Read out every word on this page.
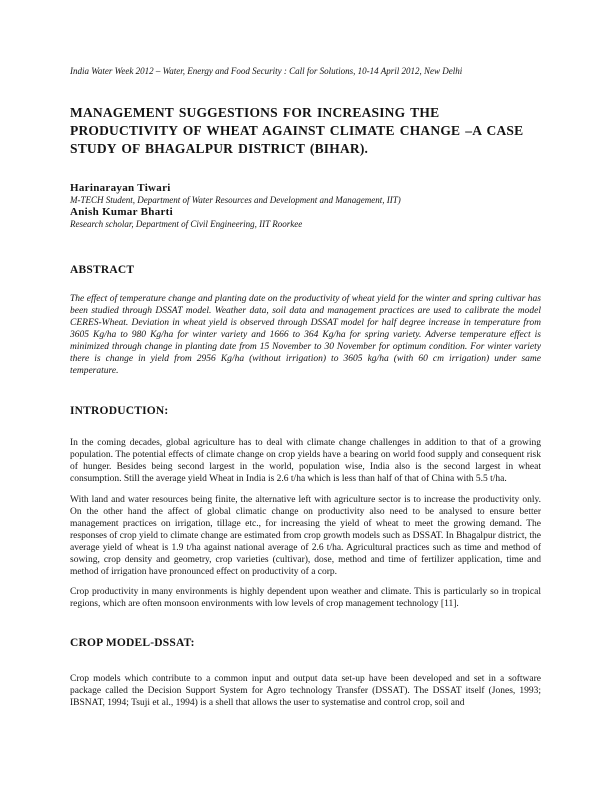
India Water Week 2012 – Water, Energy and Food Security : Call for Solutions, 10-14 April 2012, New Delhi
MANAGEMENT SUGGESTIONS FOR INCREASING THE PRODUCTIVITY OF WHEAT AGAINST CLIMATE CHANGE –A CASE STUDY OF BHAGALPUR DISTRICT (BIHAR).
Harinarayan Tiwari
M-TECH Student, Department of Water Resources and Development and Management, IIT)
Anish Kumar Bharti
Research scholar, Department of Civil Engineering, IIT Roorkee
ABSTRACT

The effect of temperature change and planting date on the productivity of wheat yield for the winter and spring cultivar has been studied through DSSAT model. Weather data, soil data and management practices are used to calibrate the model CERES-Wheat. Deviation in wheat yield is observed through DSSAT model for half degree increase in temperature from 3605 Kg/ha to 980 Kg/ha for winter variety and 1666 to 364 Kg/ha for spring variety. Adverse temperature effect is minimized through change in planting date from 15 November to 30 November for optimum condition. For winter variety there is change in yield from 2956 Kg/ha (without irrigation) to 3605 kg/ha (with 60 cm irrigation) under same temperature.

INTRODUCTION:

In the coming decades, global agriculture has to deal with climate change challenges in addition to that of a growing population. The potential effects of climate change on crop yields have a bearing on world food supply and consequent risk of hunger. Besides being second largest in the world, population wise, India also is the second largest in wheat consumption. Still the average yield Wheat in India is 2.6 t/ha which is less than half of that of China with 5.5 t/ha.

With land and water resources being finite, the alternative left with agriculture sector is to increase the productivity only. On the other hand the affect of global climatic change on productivity also need to be analysed to ensure better management practices on irrigation, tillage etc., for increasing the yield of wheat to meet the growing demand. The responses of crop yield to climate change are estimated from crop growth models such as DSSAT. In Bhagalpur district, the average yield of wheat is 1.9 t/ha against national average of 2.6 t/ha. Agricultural practices such as time and method of sowing, crop density and geometry, crop varieties (cultivar), dose, method and time of fertilizer application, time and method of irrigation have pronounced effect on productivity of a corp.

Crop productivity in many environments is highly dependent upon weather and climate. This is particularly so in tropical regions, which are often monsoon environments with low levels of crop management technology [11].

CROP MODEL-DSSAT:

Crop models which contribute to a common input and output data set-up have been developed and set in a software package called the Decision Support System for Agro technology Transfer (DSSAT). The DSSAT itself (Jones, 1993; IBSNAT, 1994; Tsuji et al., 1994) is a shell that allows the user to systematise and control crop, soil and
